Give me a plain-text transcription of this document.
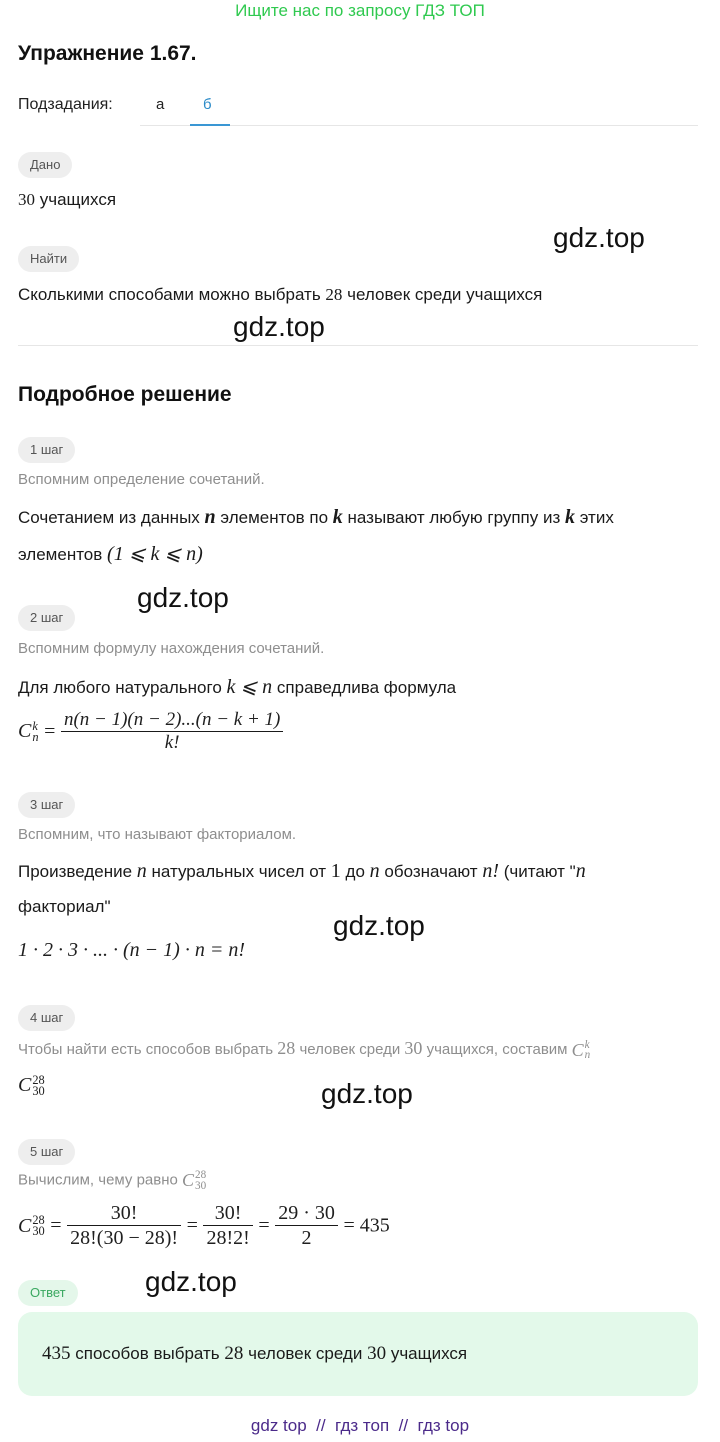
Ищите нас по запросу ГДЗ ТОП
Упражнение 1.67.
Подзадания:	а	б
Дано
30 учащихся
gdz.top
Найти
Сколькими способами можно выбрать 28 человек среди учащихся
gdz.top
Подробное решение
1 шаг
Вспомним определение сочетаний.
Сочетанием из данных n элементов по k называют любую группу из k этих
элементов (1 ⩽ k ⩽ n)
gdz.top
2 шаг
Вспомним формулу нахождения сочетаний.
Для любого натурального k ⩽ n справедлива формула
C k
$n = \frac{n(n - 1)(n - 2)...(n - k + 1)}{k!}$
3 шаг
Вспомним, что называют факториалом.
Произведение n натуральных чисел от 1 до n обозначают n! (читают "n
факториал"
1 · 2 · 3 · ... · (n − 1) · n = n!
gdz.top
4 шаг
Чтобы найти есть способов выбрать 28 человек среди 30 учащихся, составим C k
n
C 28
30	gdz.top
5 шаг
Вычислим, чему равно C 28
30
C 28
$30 = \frac{30!}{28!(30 - 28)!} = \frac{30!}{28!2!} = \frac{29 \cdot 30}{2} = 435$
gdz.top
Ответ
435 способов выбрать 28 человек среди 30 учащихся
gdz top // гдз топ // гдз top
